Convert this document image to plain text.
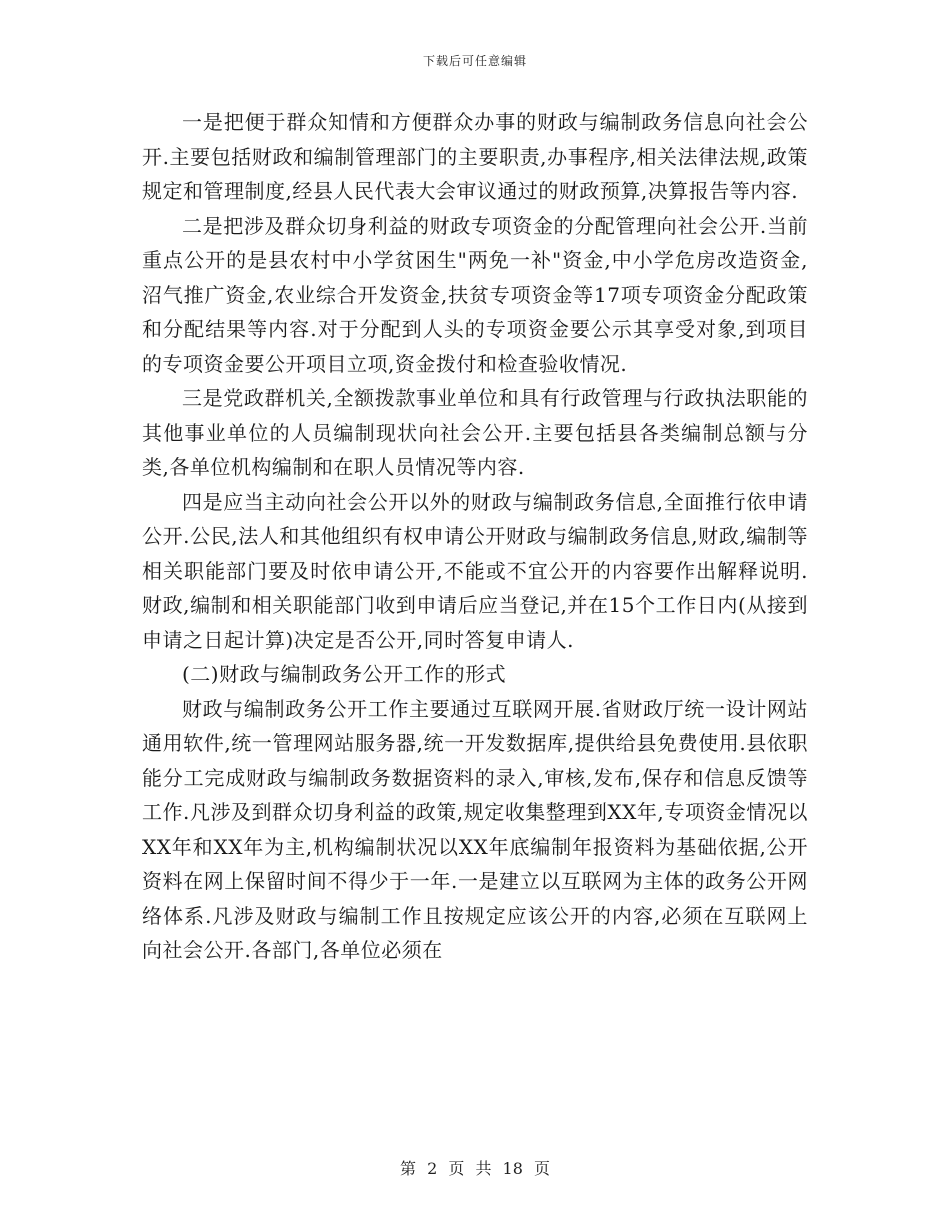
下载后可任意编辑

一是把便于群众知情和方便群众办事的财政与编制政务信息向社会公开.主要包括财政和编制管理部门的主要职责,办事程序,相关法律法规,政策规定和管理制度,经县人民代表大会审议通过的财政预算,决算报告等内容.

二是把涉及群众切身利益的财政专项资金的分配管理向社会公开.当前重点公开的是县农村中小学贫困生"两免一补"资金,中小学危房改造资金,沼气推广资金,农业综合开发资金,扶贫专项资金等17项专项资金分配政策和分配结果等内容.对于分配到人头的专项资金要公示其享受对象,到项目的专项资金要公开项目立项,资金拨付和检查验收情况.

三是党政群机关,全额拨款事业单位和具有行政管理与行政执法职能的其他事业单位的人员编制现状向社会公开.主要包括县各类编制总额与分类,各单位机构编制和在职人员情况等内容.

四是应当主动向社会公开以外的财政与编制政务信息,全面推行依申请公开.公民,法人和其他组织有权申请公开财政与编制政务信息,财政,编制等相关职能部门要及时依申请公开,不能或不宜公开的内容要作出解释说明.财政,编制和相关职能部门收到申请后应当登记,并在15个工作日内(从接到申请之日起计算)决定是否公开,同时答复申请人.

(二)财政与编制政务公开工作的形式

财政与编制政务公开工作主要通过互联网开展.省财政厅统一设计网站通用软件,统一管理网站服务器,统一开发数据库,提供给县免费使用.县依职能分工完成财政与编制政务数据资料的录入,审核,发布,保存和信息反馈等工作.凡涉及到群众切身利益的政策,规定收集整理到XX年,专项资金情况以XX年和XX年为主,机构编制状况以XX年底编制年报资料为基础依据,公开资料在网上保留时间不得少于一年.一是建立以互联网为主体的政务公开网络体系.凡涉及财政与编制工作且按规定应该公开的内容,必须在互联网上向社会公开.各部门,各单位必须在

第 2 页 共 18 页
